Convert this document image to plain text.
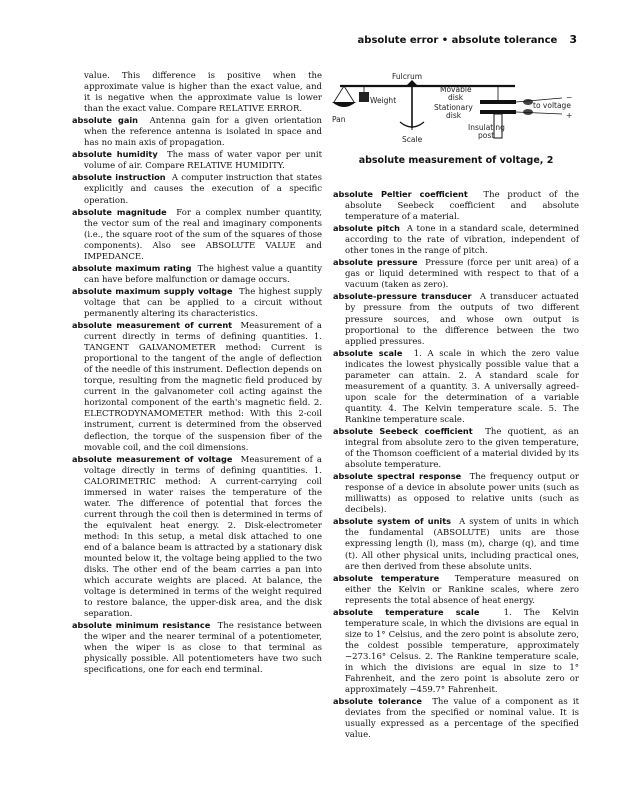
absolute error • absolute tolerance 3
Fulcrum
Movable
disk
Stationary
disk
Weight
Pan
Scale
Insulating
post
to voltage
−
+
absolute measurement of voltage, 2

value. This difference is positive when the approximate value is higher than the exact value, and it is negative when the approximate value is lower than the exact value. Compare RELATIVE ERROR.

absolute gain Antenna gain for a given orientation when the reference antenna is isolated in space and has no main axis of propagation.

absolute humidity The mass of water vapor per unit volume of air. Compare RELATIVE HUMIDITY.

absolute instruction A computer instruction that states explicitly and causes the execution of a specific operation.

absolute magnitude For a complex number quantity, the vector sum of the real and imaginary components (i.e., the square root of the sum of the squares of those components). Also see ABSOLUTE VALUE and IMPEDANCE.

absolute maximum rating The highest value a quantity can have before malfunction or damage occurs.

absolute maximum supply voltage The highest supply voltage that can be applied to a circuit without permanently altering its characteristics.

absolute measurement of current Measurement of a current directly in terms of defining quantities. 1. TANGENT GALVANOMETER method: Current is proportional to the tangent of the angle of deflection of the needle of this instrument. Deflection depends on torque, resulting from the magnetic field produced by current in the galvanometer coil acting against the horizontal component of the earth's magnetic field. 2. ELECTRODYNAMOMETER method: With this 2-coil instrument, current is determined from the observed deflection, the torque of the suspension fiber of the movable coil, and the coil dimensions.

absolute measurement of voltage Measurement of a voltage directly in terms of defining quantities. 1. CALORIMETRIC method: A current-carrying coil immersed in water raises the temperature of the water. The difference of potential that forces the current through the coil then is determined in terms of the equivalent heat energy. 2. Disk-electrometer method: In this setup, a metal disk attached to one end of a balance beam is attracted by a stationary disk mounted below it, the voltage being applied to the two disks. The other end of the beam carries a pan into which accurate weights are placed. At balance, the voltage is determined in terms of the weight required to restore balance, the upper-disk area, and the disk separation.

absolute minimum resistance The resistance between the wiper and the nearer terminal of a potentiometer, when the wiper is as close to that terminal as physically possible. All potentiometers have two such specifications, one for each end terminal.

absolute Peltier coefficient The product of the absolute Seebeck coefficient and absolute temperature of a material.

absolute pitch A tone in a standard scale, determined according to the rate of vibration, independent of other tones in the range of pitch.

absolute pressure Pressure (force per unit area) of a gas or liquid determined with respect to that of a vacuum (taken as zero).

absolute-pressure transducer A transducer actuated by pressure from the outputs of two different pressure sources, and whose own output is proportional to the difference between the two applied pressures.

absolute scale 1. A scale in which the zero value indicates the lowest physically possible value that a parameter can attain. 2. A standard scale for measurement of a quantity. 3. A universally agreed-upon scale for the determination of a variable quantity. 4. The Kelvin temperature scale. 5. The Rankine temperature scale.

absolute Seebeck coefficient The quotient, as an integral from absolute zero to the given temperature, of the Thomson coefficient of a material divided by its absolute temperature.

absolute spectral response The frequency output or response of a device in absolute power units (such as milliwatts) as opposed to relative units (such as decibels).

absolute system of units A system of units in which the fundamental (ABSOLUTE) units are those expressing length (l), mass (m), charge (q), and time (t). All other physical units, including practical ones, are then derived from these absolute units.

absolute temperature Temperature measured on either the Kelvin or Rankine scales, where zero represents the total absence of heat energy.

absolute temperature scale	1. The Kelvin temperature scale, in which the divisions are equal in size to 1° Celsius, and the zero point is absolute zero, the coldest possible temperature, approximately −273.16° Celsus. 2. The Rankine temperature scale, in which the divisions are equal in size to 1° Fahrenheit, and the zero point is absolute zero or approximately −459.7° Fahrenheit.

absolute tolerance The value of a component as it deviates from the specified or nominal value. It is usually expressed as a percentage of the specified value.
